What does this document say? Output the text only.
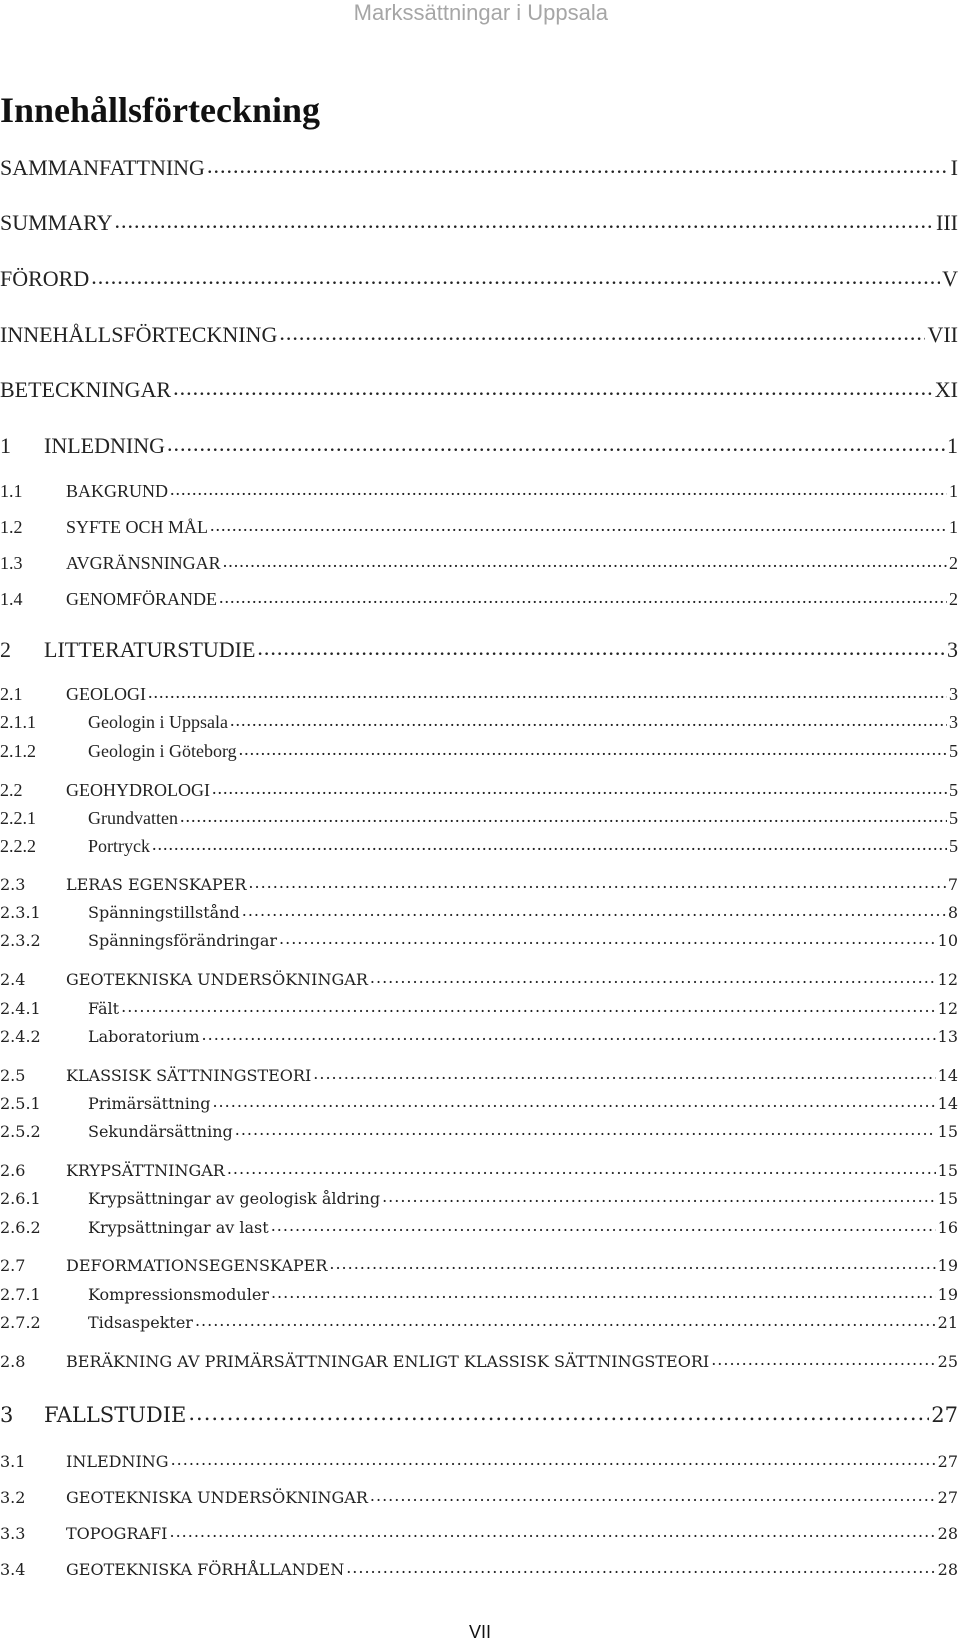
Markssättningar i Uppsala
Innehållsförteckning
SAMMANFATTNING .....	I
SUMMARY .....	III
FÖRORD .....	V
INNEHÅLLSFÖRTECKNING .....	VII
BETECKNINGAR .....	XI
1	INLEDNING .....	1
1.1	BAKGRUND .....	1
1.2	SYFTE OCH MÅL .....	1
1.3	AVGRÄNSNINGAR .....	2
1.4	GENOMFÖRANDE .....	2
2	LITTERATURSTUDIE .....	3
2.1	GEOLOGI .....	3
2.1.1	Geologin i Uppsala .....	3
2.1.2	Geologin i Göteborg .....	5
2.2	GEOHYDROLOGI .....	5
2.2.1	Grundvatten .....	5
2.2.2	Portryck .....	5
2.3	LERAS EGENSKAPER .....	7
2.3.1	Spänningstillstånd .....	8
2.3.2	Spänningsförändringar .....	10
2.4	GEOTEKNISKA UNDERSÖKNINGAR .....	12
2.4.1	Fält .....	12
2.4.2	Laboratorium .....	13
2.5	KLASSISK SÄTTNINGSTEORI .....	14
2.5.1	Primärsättning .....	14
2.5.2	Sekundärsättning .....	15
2.6	KRYPSÄTTNINGAR .....	15
2.6.1	Krypsättningar av geologisk åldring .....	15
2.6.2	Krypsättningar av last .....	16
2.7	DEFORMATIONSEGENSKAPER .....	19
2.7.1	Kompressionsmoduler .....	19
2.7.2	Tidsaspekter .....	21
2.8	BERÄKNING AV PRIMÄRSÄTTNINGAR ENLIGT KLASSISK SÄTTNINGSTEORI .....	25
3	FALLSTUDIE .....	27
3.1	INLEDNING .....	27
3.2	GEOTEKNISKA UNDERSÖKNINGAR .....	27
3.3	TOPOGRAFI .....	28
3.4	GEOTEKNISKA FÖRHÅLLANDEN .....	28
VII
